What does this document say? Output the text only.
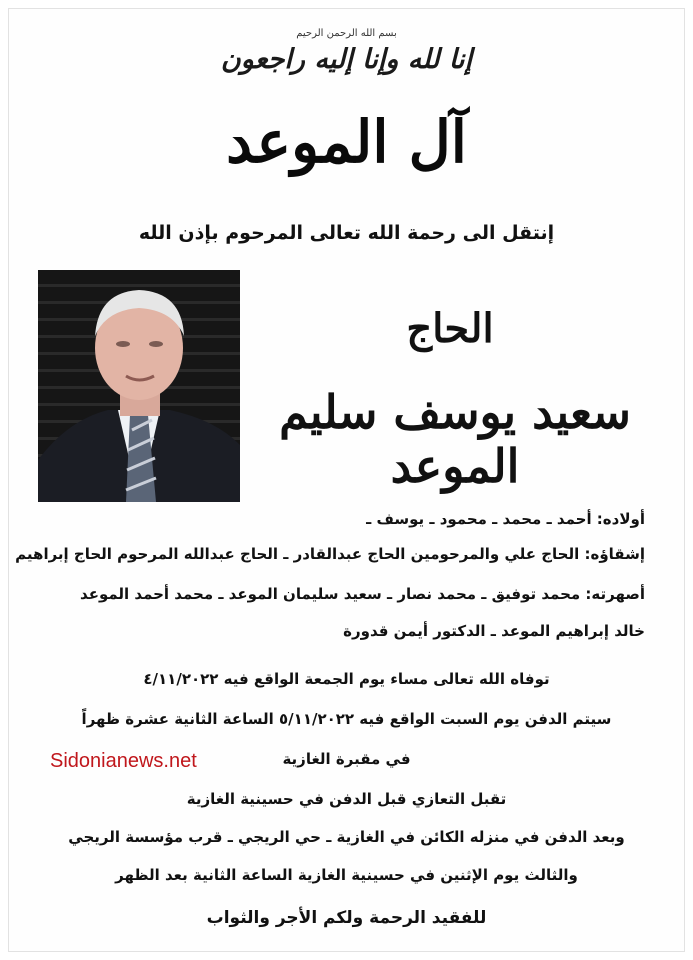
بسم الله الرحمن الرحيم
إنا لله وإنا إليه راجعون
آل الموعد
إنتقل الى رحمة الله تعالى المرحوم بإذن الله
الحاج
سعيد يوسف سليم الموعد
أولاده: أحمد ـ محمد ـ محمود ـ يوسف ـ
إشقاؤه: الحاج علي والمرحومين الحاج عبدالقادر ـ الحاج عبدالله المرحوم الحاج إبراهيم
أصهرته: محمد توفيق ـ محمد نصار ـ سعيد سليمان الموعد ـ محمد أحمد الموعد
خالد إبراهيم الموعد ـ الدكتور أيمن قدورة
توفاه الله تعالى مساء يوم الجمعة الواقع فيه ٤/١١/٢٠٢٢
سيتم الدفن يوم السبت الواقع فيه ٥/١١/٢٠٢٢ الساعة الثانية عشرة ظهراً
في مقبرة الغازية
تقبل التعازي قبل الدفن في حسينية الغازية
وبعد الدفن في منزله الكائن في الغازية ـ حي الريجي ـ قرب مؤسسة الريجي
والثالث يوم الإثنين في حسينية الغازية الساعة الثانية بعد الظهر
للفقيد الرحمة ولكم الأجر والثواب
Sidonianews.net
